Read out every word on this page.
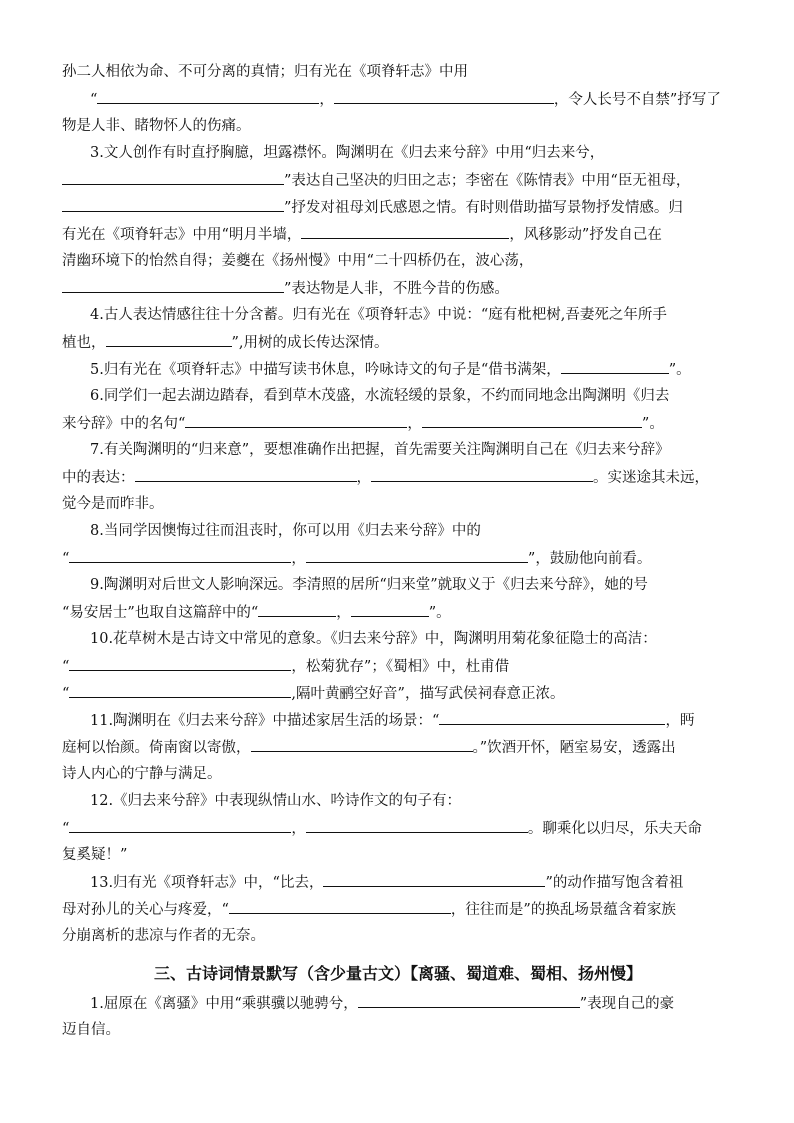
孙二人相依为命、不可分离的真情；归有光在《项脊轩志》中用
“	，	，令人长号不自禁”抒写了
物是人非、睹物怀人的伤痛。
3.文人创作有时直抒胸臆，坦露襟怀。陶渊明在《归去来兮辞》中用“归去来兮，
”表达自己坚决的归田之志；李密在《陈情表》中用“臣无祖母，
”抒发对祖母刘氏感恩之情。有时则借助描写景物抒发情感。归
有光在《项脊轩志》中用“明月半墙，	，风移影动”抒发自己在
清幽环境下的怡然自得；姜夔在《扬州慢》中用“二十四桥仍在，波心荡，
”表达物是人非，不胜今昔的伤感。
4.古人表达情感往往十分含蓄。归有光在《项脊轩志》中说：“庭有枇杷树,吾妻死之年所手
植也，	”,用树的成长传达深情。
5.归有光在《项脊轩志》中描写读书休息，吟咏诗文的句子是“借书满架，	”。
6.同学们一起去湖边踏春，看到草木茂盛，水流轻缓的景象，不约而同地念出陶渊明《归去
来兮辞》中的名句“	，	”。
7.有关陶渊明的“归来意”，要想准确作出把握，首先需要关注陶渊明自己在《归去来兮辞》
中的表达：	，	。实迷途其未远，
觉今是而昨非。
8.当同学因懊悔过往而沮丧时，你可以用《归去来兮辞》中的
“	，	”，鼓励他向前看。
9.陶渊明对后世文人影响深远。李清照的居所“归来堂”就取义于《归去来兮辞》，她的号
“易安居士”也取自这篇辞中的“	，	”。
10.花草树木是古诗文中常见的意象。《归去来兮辞》中，陶渊明用菊花象征隐士的高洁：
“	，松菊犹存”；《蜀相》中，杜甫借
“	,隔叶黄鹂空好音”，描写武侯祠春意正浓。
11.陶渊明在《归去来兮辞》中描述家居生活的场景：“	，眄
庭柯以怡颜。倚南窗以寄傲，	。”饮酒开怀，陋室易安，透露出
诗人内心的宁静与满足。
12.《归去来兮辞》中表现纵情山水、吟诗作文的句子有：
“	，	。聊乘化以归尽，乐夫天命
复奚疑！”
13.归有光《项脊轩志》中，“比去，	”的动作描写饱含着祖
母对孙儿的关心与疼爱，“	，往往而是”的换乱场景蕴含着家族
分崩离析的悲凉与作者的无奈。
三、古诗词情景默写（含少量古文）【离骚、蜀道难、蜀相、扬州慢】
1.屈原在《离骚》中用“乘骐骥以驰骋兮，	”表现自己的豪
迈自信。
